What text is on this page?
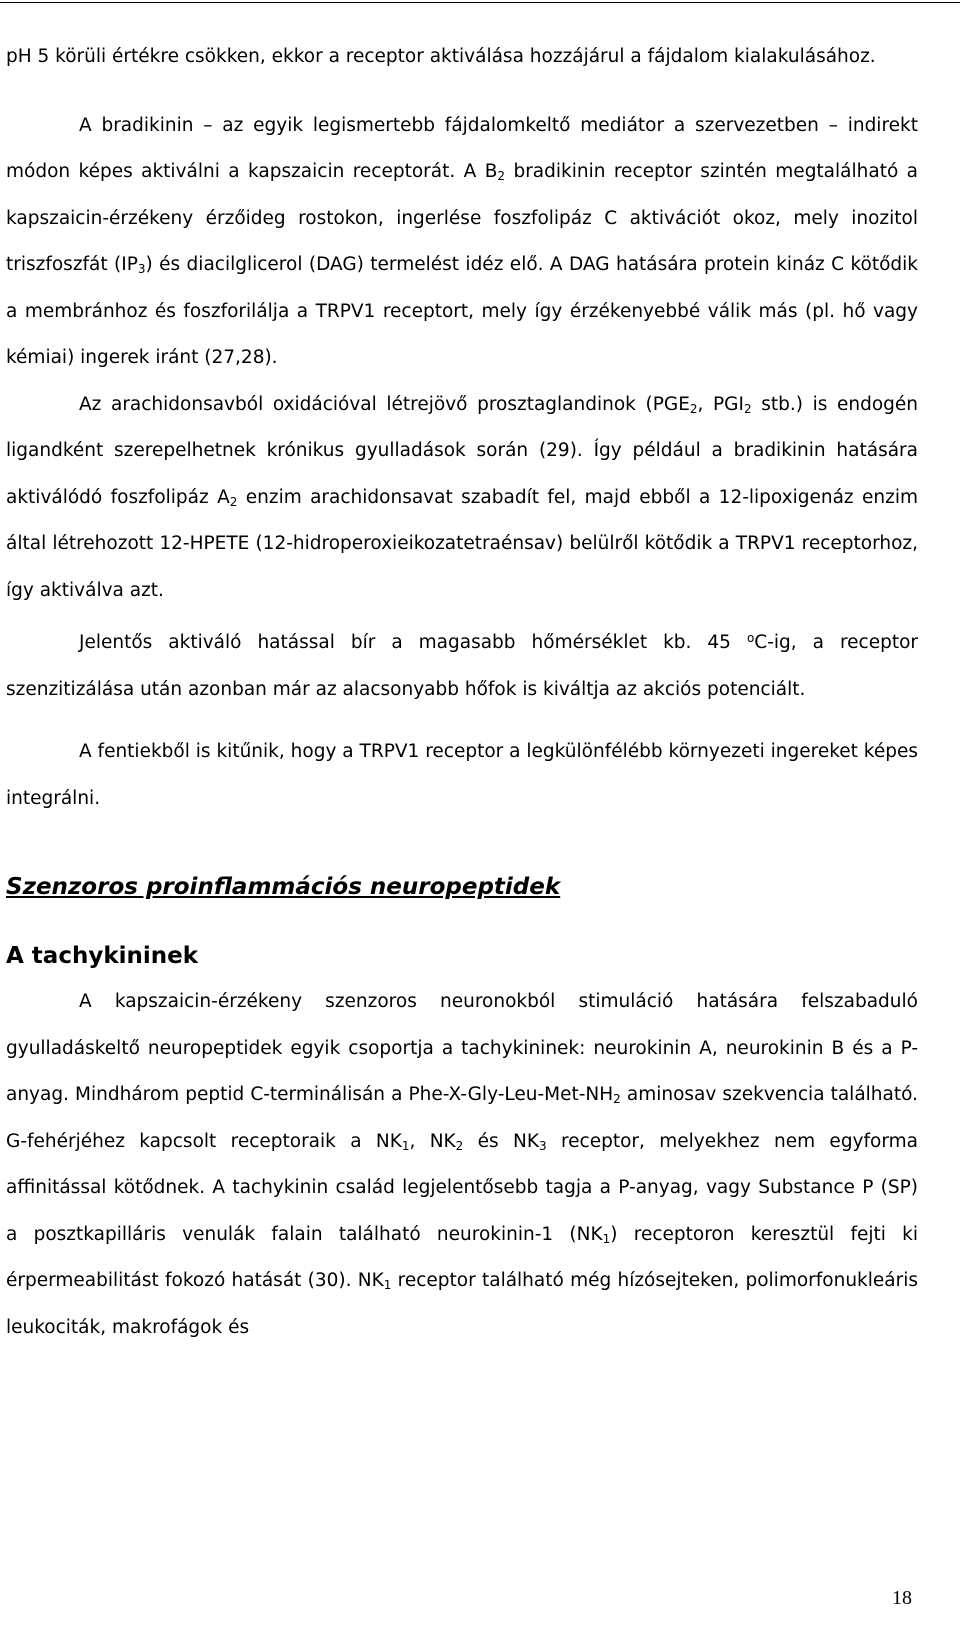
pH 5 körüli értékre csökken, ekkor a receptor aktiválása hozzájárul a fájdalom kialakulásához.

A bradikinin – az egyik legismertebb fájdalomkeltő mediátor a szervezetben – indirekt módon képes aktiválni a kapszaicin receptorát. A $B_2$ bradikinin receptor szintén megtalálható a kapszaicin-érzékeny érzőideg rostokon, ingerlése foszfolipáz C aktivációt okoz, mely inozitol triszfoszfát $(IP_3)$ és diacilglicerol (DAG) termelést idéz elő. A DAG hatására protein kináz C kötődik a membránhoz és foszforilálja a TRPV1 receptort, mely így érzékenyebbé válik más (pl. hő vagy kémiai) ingerek iránt (27,28).

Az arachidonsavból oxidációval létrejövő prosztaglandinok ($PGE_2$, $PGI_2$ stb.) is endogén ligandként szerepelhetnek krónikus gyulladások során (29). Így például a bradikinin hatására aktiválódó foszfolipáz $A_2$ enzim arachidonsavat szabadít fel, majd ebből a 12-lipoxigenáz enzim által létrehozott 12-HPETE (12-hidroperoxieikozatetraénsav) belülről kötődik a TRPV1 receptorhoz, így aktiválva azt.

Jelentős aktiváló hatással bír a magasabb hőmérséklet kb. 45 $^o$C-ig, a receptor szenzitizálása után azonban már az alacsonyabb hőfok is kiváltja az akciós potenciált.

A fentiekből is kitűnik, hogy a TRPV1 receptor a legkülönfélébb környezeti ingereket képes integrálni.

Szenzoros proinflammációs neuropeptidek

A tachykininek

A kapszaicin-érzékeny szenzoros neuronokból stimuláció hatására felszabaduló gyulladáskeltő neuropeptidek egyik csoportja a tachykininek: neurokinin A, neurokinin B és a P-anyag. Mindhárom peptid C-terminálisán a Phe-$X-Gly-Leu-Met-NH_2$ aminosav szekvencia található. G-fehérjéhez kapcsolt receptoraik a $NK_1$, $NK_2$ és $NK_3$ receptor, melyekhez nem egyforma affinitással kötődnek. A tachykinin család legjelentősebb tagja a P-anyag, vagy Substance P (SP) a posztkapilláris venulák falain található neurokinin-1 $(NK_1)$ receptoron keresztül fejti ki érpermeabilitást fokozó hatását (30). $NK_1$ receptor található még hízósejteken, polimorfonukleáris leukociták, makrofágok és

18
